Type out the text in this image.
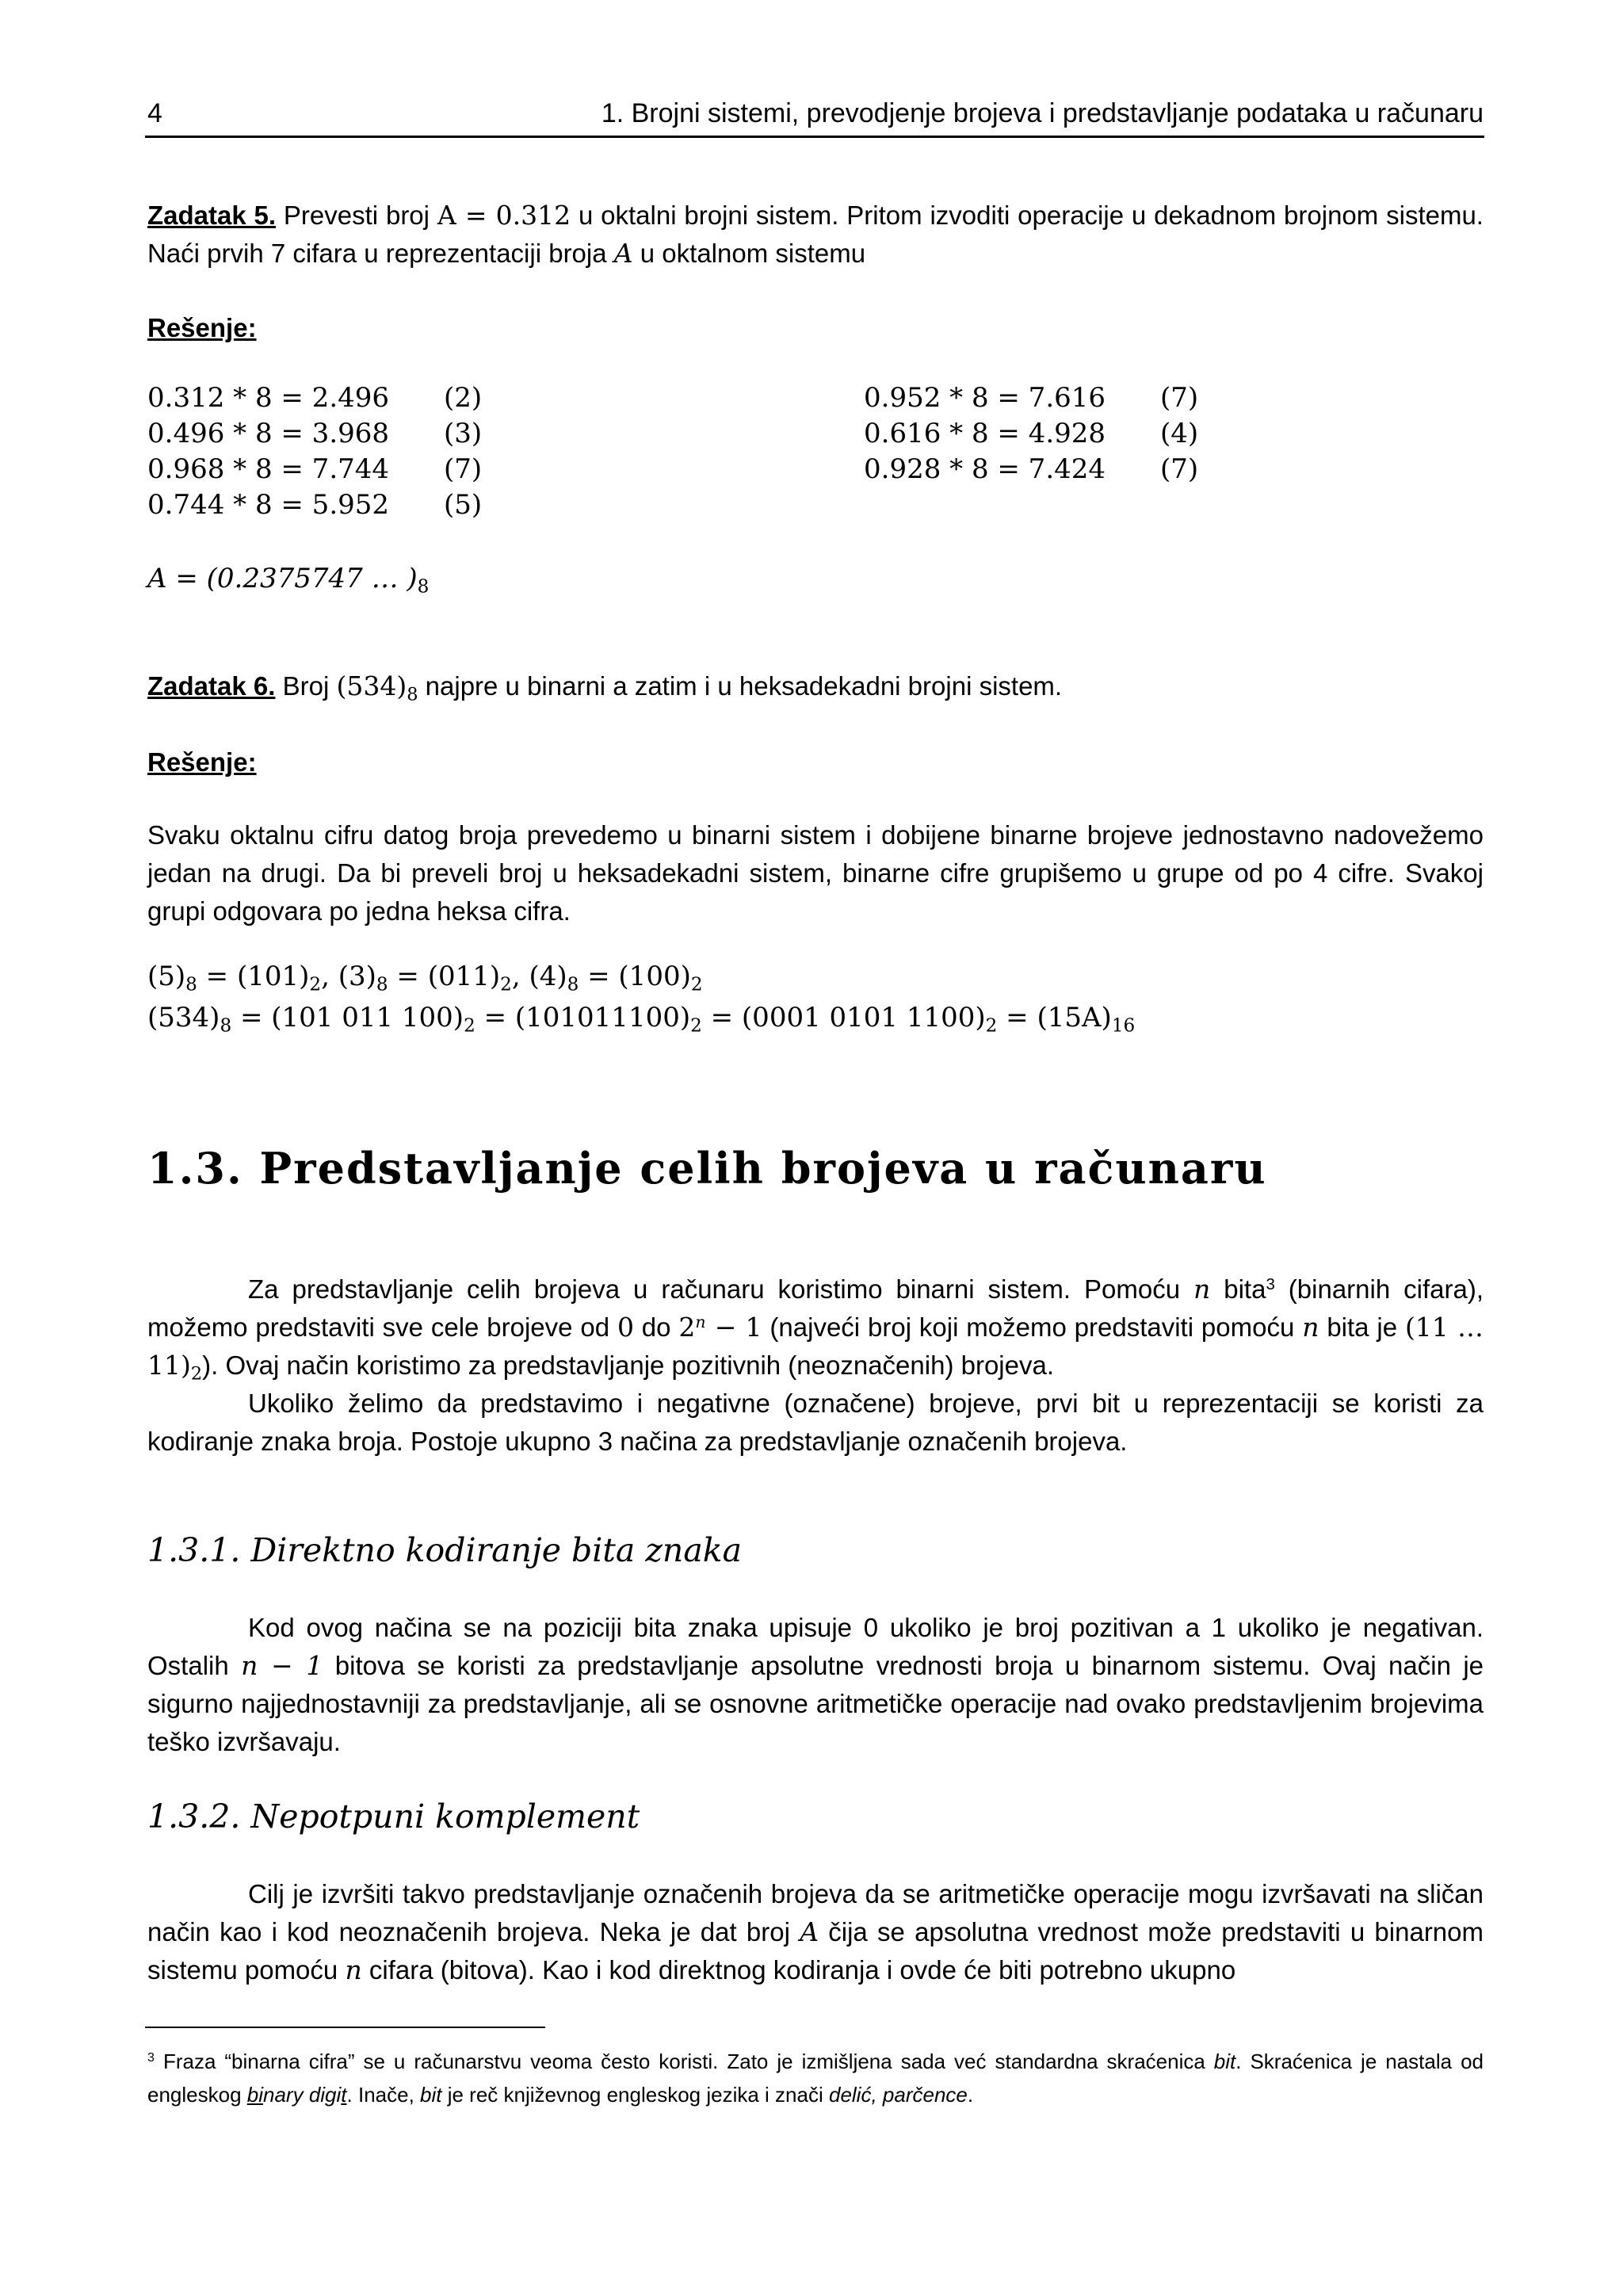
4	1. Brojni sistemi, prevodjenje brojeva i predstavljanje podataka u računaru
Zadatak 5. Prevesti broj A = 0.312 u oktalni brojni sistem. Pritom izvoditi operacije u dekadnom brojnom sistemu. Naći prvih 7 cifara u reprezentaciji broja A u oktalnom sistemu
Rešenje:
0.312 * 8 = 2.496 (2)
0.496 * 8 = 3.968 (3)
0.968 * 8 = 7.744 (7)
0.744 * 8 = 5.952 (5)
0.952 * 8 = 7.616 (7)
0.616 * 8 = 4.928 (4)
0.928 * 8 = 7.424 (7)
A = (0.2375747 … )$_8$
Zadatak 6. Broj $(534)_8$ najpre u binarni a zatim i u heksadekadni brojni sistem.
Rešenje:
Svaku oktalnu cifru datog broja prevedemo u binarni sistem i dobijene binarne brojeve jednostavno nadovežemo jedan na drugi. Da bi preveli broj u heksadekadni sistem, binarne cifre grupišemo u grupe od po 4 cifre. Svakoj grupi odgovara po jedna heksa cifra.
$(5)_8 = (101)_2$, $(3)_8 = (011)_2$, $(4)_8 = (100)_2$
$(534)_8 = (101$ 011 $100)_2 = (101011100)_2 = (0001$ 0101 $1100)_2 = (15A)_{16}$
1.3. Predstavljanje celih brojeva u računaru
Za predstavljanje celih brojeva u računaru koristimo binarni sistem. Pomoću n bita$^3$ (binarnih cifara), možemo predstaviti sve cele brojeve od 0 do $2^n - 1$ (najveći broj koji možemo predstaviti pomoću n bita je (11 … $11)_2$). Ovaj način koristimo za predstavljanje pozitivnih (neoznačenih) brojeva.
Ukoliko želimo da predstavimo i negativne (označene) brojeve, prvi bit u reprezentaciji se koristi za kodiranje znaka broja. Postoje ukupno 3 načina za predstavljanje označenih brojeva.
1.3.1. Direktno kodiranje bita znaka
Kod ovog načina se na poziciji bita znaka upisuje 0 ukoliko je broj pozitivan a 1 ukoliko je negativan. Ostalih n − 1 bitova se koristi za predstavljanje apsolutne vrednosti broja u binarnom sistemu. Ovaj način je sigurno najjednostavniji za predstavljanje, ali se osnovne aritmetičke operacije nad ovako predstavljenim brojevima teško izvršavaju.
1.3.2. Nepotpuni komplement
Cilj je izvršiti takvo predstavljanje označenih brojeva da se aritmetičke operacije mogu izvršavati na sličan način kao i kod neoznačenih brojeva. Neka je dat broj A čija se apsolutna vrednost može predstaviti u binarnom sistemu pomoću n cifara (bitova). Kao i kod direktnog kodiranja i ovde će biti potrebno ukupno
$^3$ Fraza “binarna cifra” se u računarstvu veoma često koristi. Zato je izmišljena sada već standardna skraćenica bit. Skraćenica je nastala od engleskog binary digit. Inače, bit je reč književnog engleskog jezika i znači delić, parčence.
